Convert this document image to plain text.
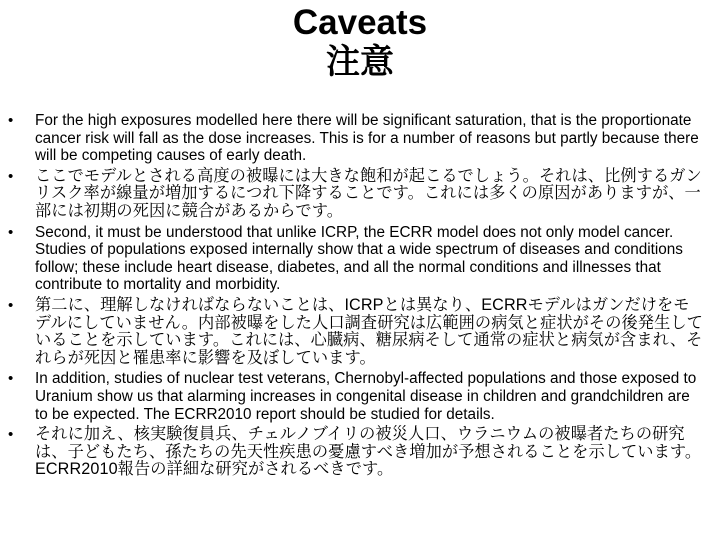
Caveats

注意

• For the high exposures modelled here there will be significant saturation, that is the proportionate cancer risk will fall as the dose increases. This is for a number of reasons but partly because there will be competing causes of early death.
• ここでモデルとされる高度の被曝には大きな飽和が起こるでしょう。それは、比例するガンリスク率が線量が増加するにつれ下降することです。これには多くの原因がありますが、一部には初期の死因に競合があるからです。
• Second, it must be understood that unlike ICRP, the ECRR model does not only model cancer. Studies of populations exposed internally show that a wide spectrum of diseases and conditions follow; these include heart disease, diabetes, and all the normal conditions and illnesses that contribute to mortality and morbidity.
• 第二に、理解しなければならないことは、ICRPとは異なり、ECRRモデルはガンだけをモデルにしていません。内部被曝をした人口調査研究は広範囲の病気と症状がその後発生していることを示しています。これには、心臓病、糖尿病そして通常の症状と病気が含まれ、それらが死因と罹患率に影響を及ぼしています。
• In addition, studies of nuclear test veterans, Chernobyl-affected populations and those exposed to Uranium show us that alarming increases in congenital disease in children and grandchildren are to be expected. The ECRR2010 report should be studied for details.
• それに加え、核実験復員兵、チェルノブイリの被災人口、ウラニウムの被曝者たちの研究は、子どもたち、孫たちの先天性疾患の憂慮すべき増加が予想されることを示しています。ECRR2010報告の詳細な研究がされるべきです。
